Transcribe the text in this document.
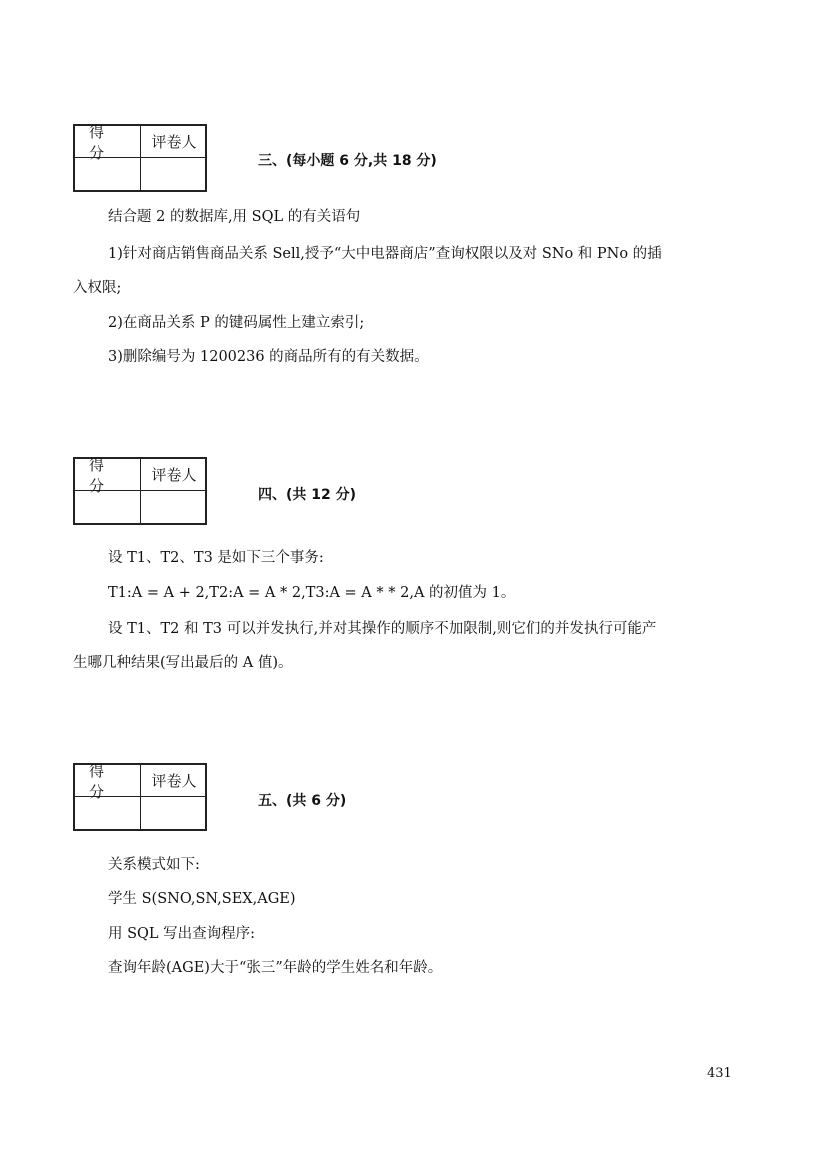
得 分
评卷人
三、(每小题 6 分,共 18 分)
结合题 2 的数据库,用 SQL 的有关语句
1)针对商店销售商品关系 Sell,授予“大中电器商店”查询权限以及对 SNo 和 PNo 的插
入权限;
2)在商品关系 P 的键码属性上建立索引;
3)删除编号为 1200236 的商品所有的有关数据。
得 分
评卷人
四、(共 12 分)
设 T1、T2、T3 是如下三个事务:
T1:A = A + 2,T2:A = A * 2,T3:A = A * * 2,A 的初值为 1。
设 T1、T2 和 T3 可以并发执行,并对其操作的顺序不加限制,则它们的并发执行可能产
生哪几种结果(写出最后的 A 值)。
得 分
评卷人
五、(共 6 分)
关系模式如下:
学生 S(SNO,SN,SEX,AGE)
用 SQL 写出查询程序:
查询年龄(AGE)大于“张三”年龄的学生姓名和年龄。
431
